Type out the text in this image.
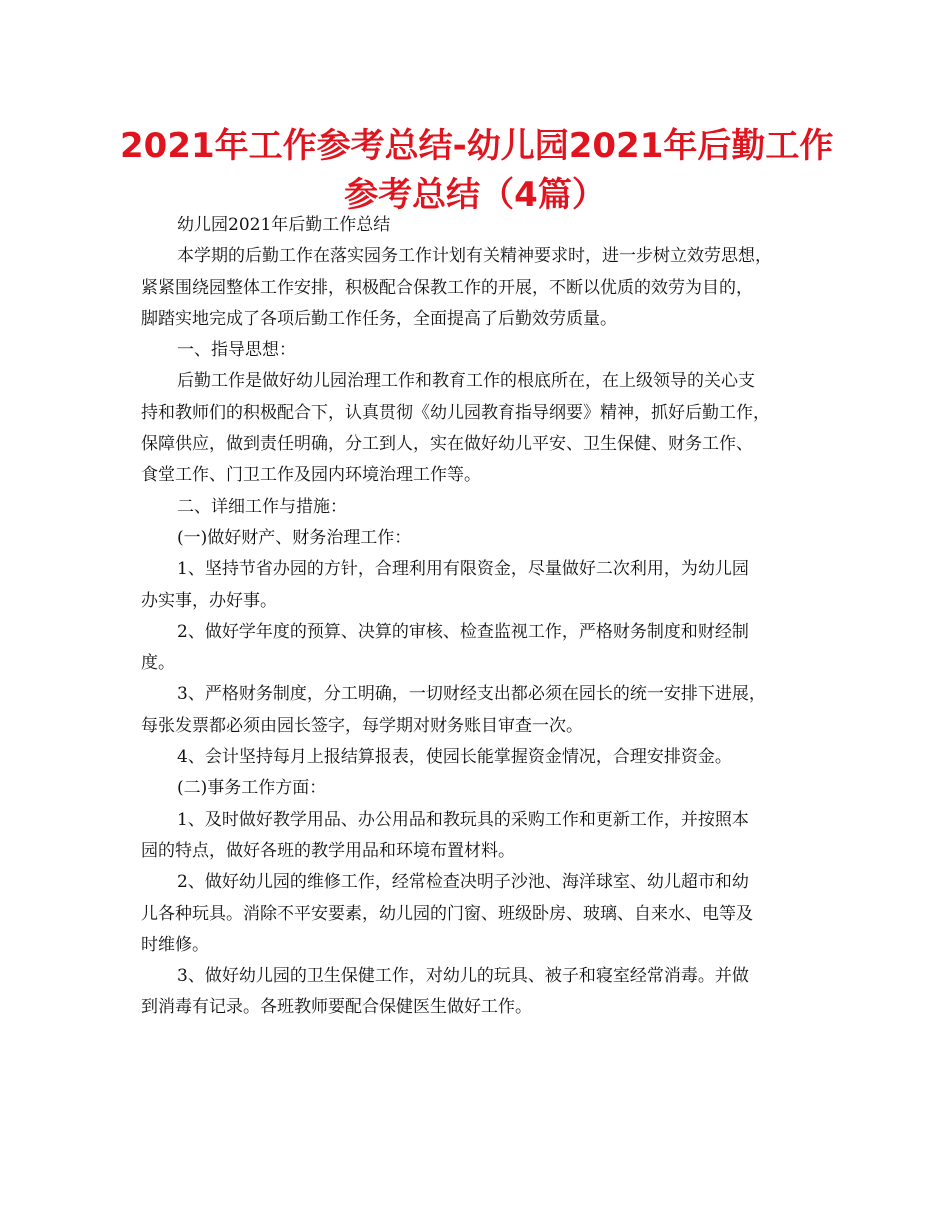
2021年工作参考总结-幼儿园2021年后勤工作
参考总结（4篇）
幼儿园2021年后勤工作总结
本学期的后勤工作在落实园务工作计划有关精神要求时，进一步树立效劳思想，
紧紧围绕园整体工作安排，积极配合保教工作的开展，不断以优质的效劳为目的，
脚踏实地完成了各项后勤工作任务，全面提高了后勤效劳质量。
一、指导思想：
后勤工作是做好幼儿园治理工作和教育工作的根底所在，在上级领导的关心支
持和教师们的积极配合下，认真贯彻《幼儿园教育指导纲要》精神，抓好后勤工作，
保障供应，做到责任明确，分工到人，实在做好幼儿平安、卫生保健、财务工作、
食堂工作、门卫工作及园内环境治理工作等。
二、详细工作与措施：
(一)做好财产、财务治理工作：
1、坚持节省办园的方针，合理利用有限资金，尽量做好二次利用，为幼儿园
办实事，办好事。
2、做好学年度的预算、决算的审核、检查监视工作，严格财务制度和财经制
度。
3、严格财务制度，分工明确，一切财经支出都必须在园长的统一安排下进展，
每张发票都必须由园长签字，每学期对财务账目审查一次。
4、会计坚持每月上报结算报表，使园长能掌握资金情况，合理安排资金。
(二)事务工作方面：
1、及时做好教学用品、办公用品和教玩具的采购工作和更新工作，并按照本
园的特点，做好各班的教学用品和环境布置材料。
2、做好幼儿园的维修工作，经常检查决明子沙池、海洋球室、幼儿超市和幼
儿各种玩具。消除不平安要素，幼儿园的门窗、班级卧房、玻璃、自来水、电等及
时维修。
3、做好幼儿园的卫生保健工作，对幼儿的玩具、被子和寝室经常消毒。并做
到消毒有记录。各班教师要配合保健医生做好工作。
